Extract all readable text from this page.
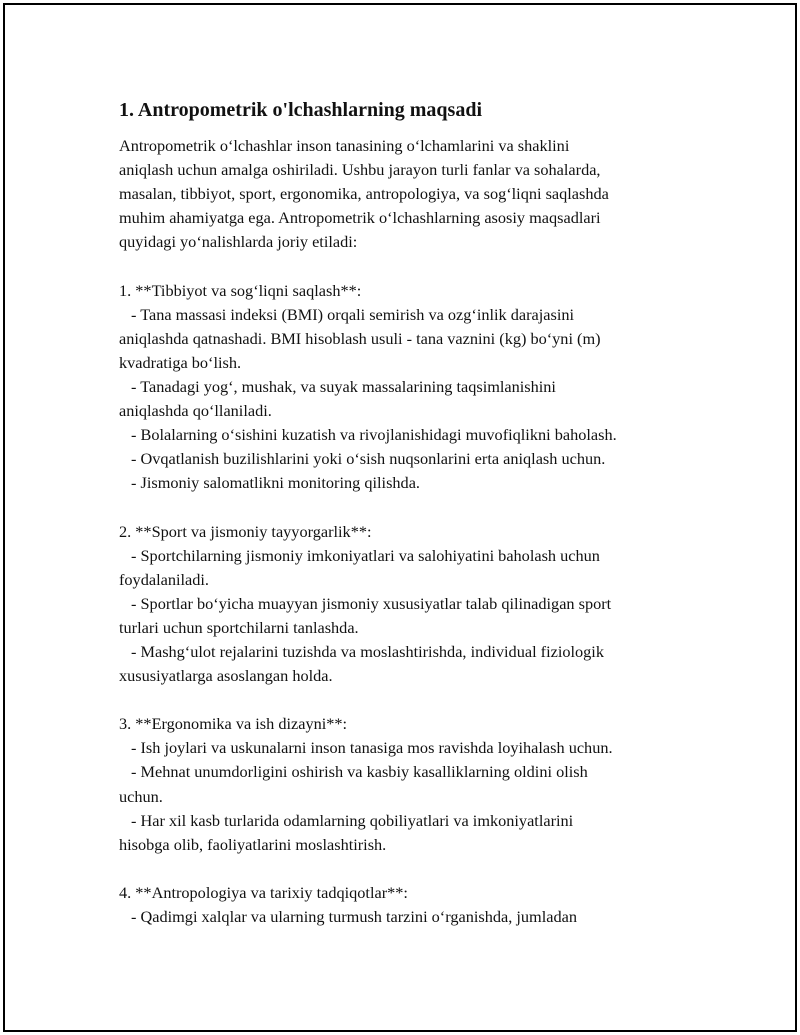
1. Antropometrik o'lchashlarning maqsadi
Antropometrik o‘lchashlar inson tanasining o‘lchamlarini va shaklini
aniqlash uchun amalga oshiriladi. Ushbu jarayon turli fanlar va sohalarda,
masalan, tibbiyot, sport, ergonomika, antropologiya, va sog‘liqni saqlashda
muhim ahamiyatga ega. Antropometrik o‘lchashlarning asosiy maqsadlari
quyidagi yo‘nalishlarda joriy etiladi:
1. **Tibbiyot va sog‘liqni saqlash**:
- Tana massasi indeksi (BMI) orqali semirish va ozg‘inlik darajasini
aniqlashda qatnashadi. BMI hisoblash usuli - tana vaznini (kg) bo‘yni (m)
kvadratiga bo‘lish.
- Tanadagi yog‘, mushak, va suyak massalarining taqsimlanishini
aniqlashda qo‘llaniladi.
- Bolalarning o‘sishini kuzatish va rivojlanishidagi muvofiqlikni baholash.
- Ovqatlanish buzilishlarini yoki o‘sish nuqsonlarini erta aniqlash uchun.
- Jismoniy salomatlikni monitoring qilishda.
2. **Sport va jismoniy tayyorgarlik**:
- Sportchilarning jismoniy imkoniyatlari va salohiyatini baholash uchun
foydalaniladi.
- Sportlar bo‘yicha muayyan jismoniy xususiyatlar talab qilinadigan sport
turlari uchun sportchilarni tanlashda.
- Mashg‘ulot rejalarini tuzishda va moslashtirishda, individual fiziologik
xususiyatlarga asoslangan holda.
3. **Ergonomika va ish dizayni**:
- Ish joylari va uskunalarni inson tanasiga mos ravishda loyihalash uchun.
- Mehnat unumdorligini oshirish va kasbiy kasalliklarning oldini olish
uchun.
- Har xil kasb turlarida odamlarning qobiliyatlari va imkoniyatlarini
hisobga olib, faoliyatlarini moslashtirish.
4. **Antropologiya va tarixiy tadqiqotlar**:
- Qadimgi xalqlar va ularning turmush tarzini o‘rganishda, jumladan
